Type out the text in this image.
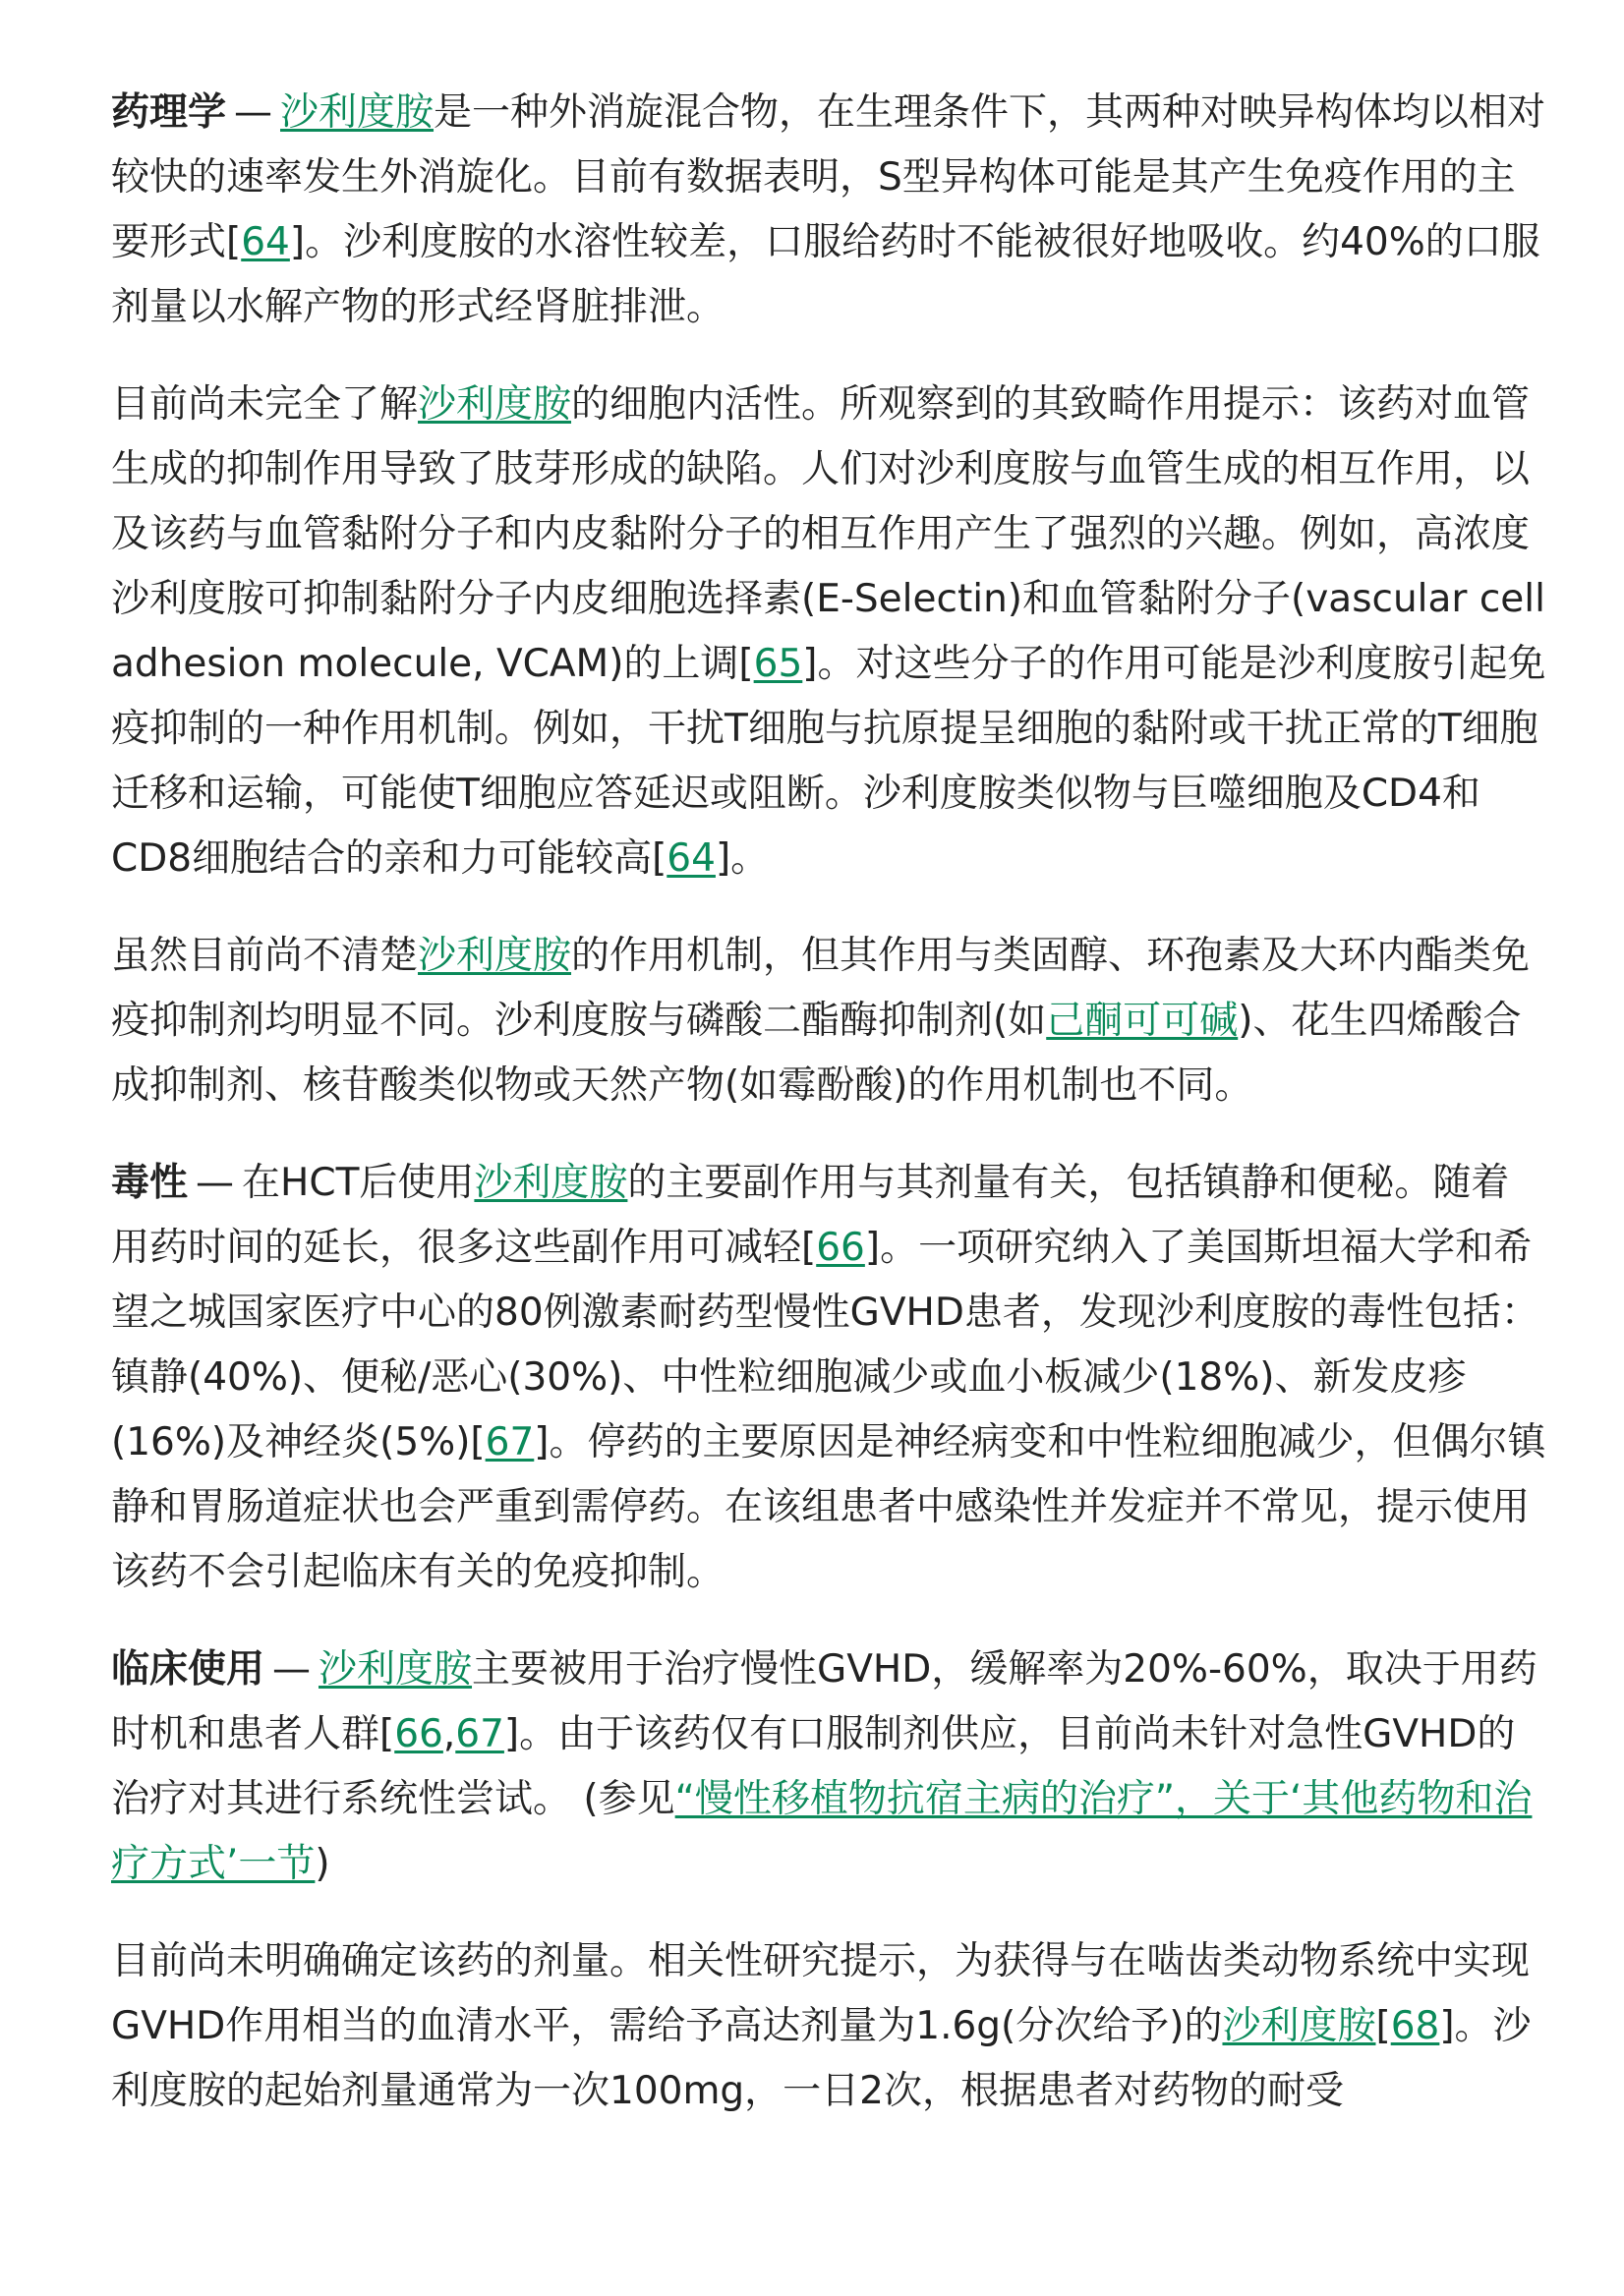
药理学 — 沙利度胺是一种外消旋混合物，在生理条件下，其两种对映异构体均以相对较快的速率发生外消旋化。目前有数据表明，S型异构体可能是其产生免疫作用的主要形式[64]。沙利度胺的水溶性较差，口服给药时不能被很好地吸收。约40%的口服剂量以水解产物的形式经肾脏排泄。

目前尚未完全了解沙利度胺的细胞内活性。所观察到的其致畸作用提示：该药对血管生成的抑制作用导致了肢芽形成的缺陷。人们对沙利度胺与血管生成的相互作用，以及该药与血管黏附分子和内皮黏附分子的相互作用产生了强烈的兴趣。例如，高浓度沙利度胺可抑制黏附分子内皮细胞选择素(E-Selectin)和血管黏附分子(vascular cell adhesion molecule, VCAM)的上调[65]。对这些分子的作用可能是沙利度胺引起免疫抑制的一种作用机制。例如，干扰T细胞与抗原提呈细胞的黏附或干扰正常的T细胞迁移和运输，可能使T细胞应答延迟或阻断。沙利度胺类似物与巨噬细胞及CD4和CD8细胞结合的亲和力可能较高[64]。

虽然目前尚不清楚沙利度胺的作用机制，但其作用与类固醇、环孢素及大环内酯类免疫抑制剂均明显不同。沙利度胺与磷酸二酯酶抑制剂(如己酮可可碱)、花生四烯酸合成抑制剂、核苷酸类似物或天然产物(如霉酚酸)的作用机制也不同。

毒性 — 在HCT后使用沙利度胺的主要副作用与其剂量有关，包括镇静和便秘。随着用药时间的延长，很多这些副作用可减轻[66]。一项研究纳入了美国斯坦福大学和希望之城国家医疗中心的80例激素耐药型慢性GVHD患者，发现沙利度胺的毒性包括：镇静(40%)、便秘/恶心(30%)、中性粒细胞减少或血小板减少(18%)、新发皮疹(16%)及神经炎(5%)[67]。停药的主要原因是神经病变和中性粒细胞减少，但偶尔镇静和胃肠道症状也会严重到需停药。在该组患者中感染性并发症并不常见，提示使用该药不会引起临床有关的免疫抑制。

临床使用 — 沙利度胺主要被用于治疗慢性GVHD，缓解率为20%-60%，取决于用药时机和患者人群[66,67]。由于该药仅有口服制剂供应，目前尚未针对急性GVHD的治疗对其进行系统性尝试。 (参见“慢性移植物抗宿主病的治疗”，关于‘其他药物和治疗方式’一节)

目前尚未明确确定该药的剂量。相关性研究提示，为获得与在啮齿类动物系统中实现GVHD作用相当的血清水平，需给予高达剂量为1.6g(分次给予)的沙利度胺[68]。沙利度胺的起始剂量通常为一次100mg，一日2次，根据患者对药物的耐受
